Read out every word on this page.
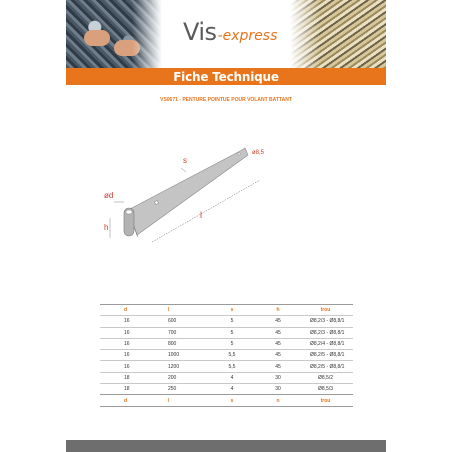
Vis -express
Fiche Technique
VS0671 - PENTURE POINTUE POUR VOLANT BATTANT
s
ø8,5
ød
h
l
d	l	s	h	trou
16	600	5	45	Ø8,2/3 - Ø8,8/1
16	700	5	45	Ø8,2/3 - Ø8,8/1
16	800	5	45	Ø8,2/4 - Ø8,8/1
16	1000	5,5	45	Ø8,2/5 - Ø8,8/1
16	1200	5,5	45	Ø8,2/5 - Ø8,8/1
18	200	4	30	Ø8,5/2
18	250	4	30	Ø8,5/3
d	l	s	n	trou
